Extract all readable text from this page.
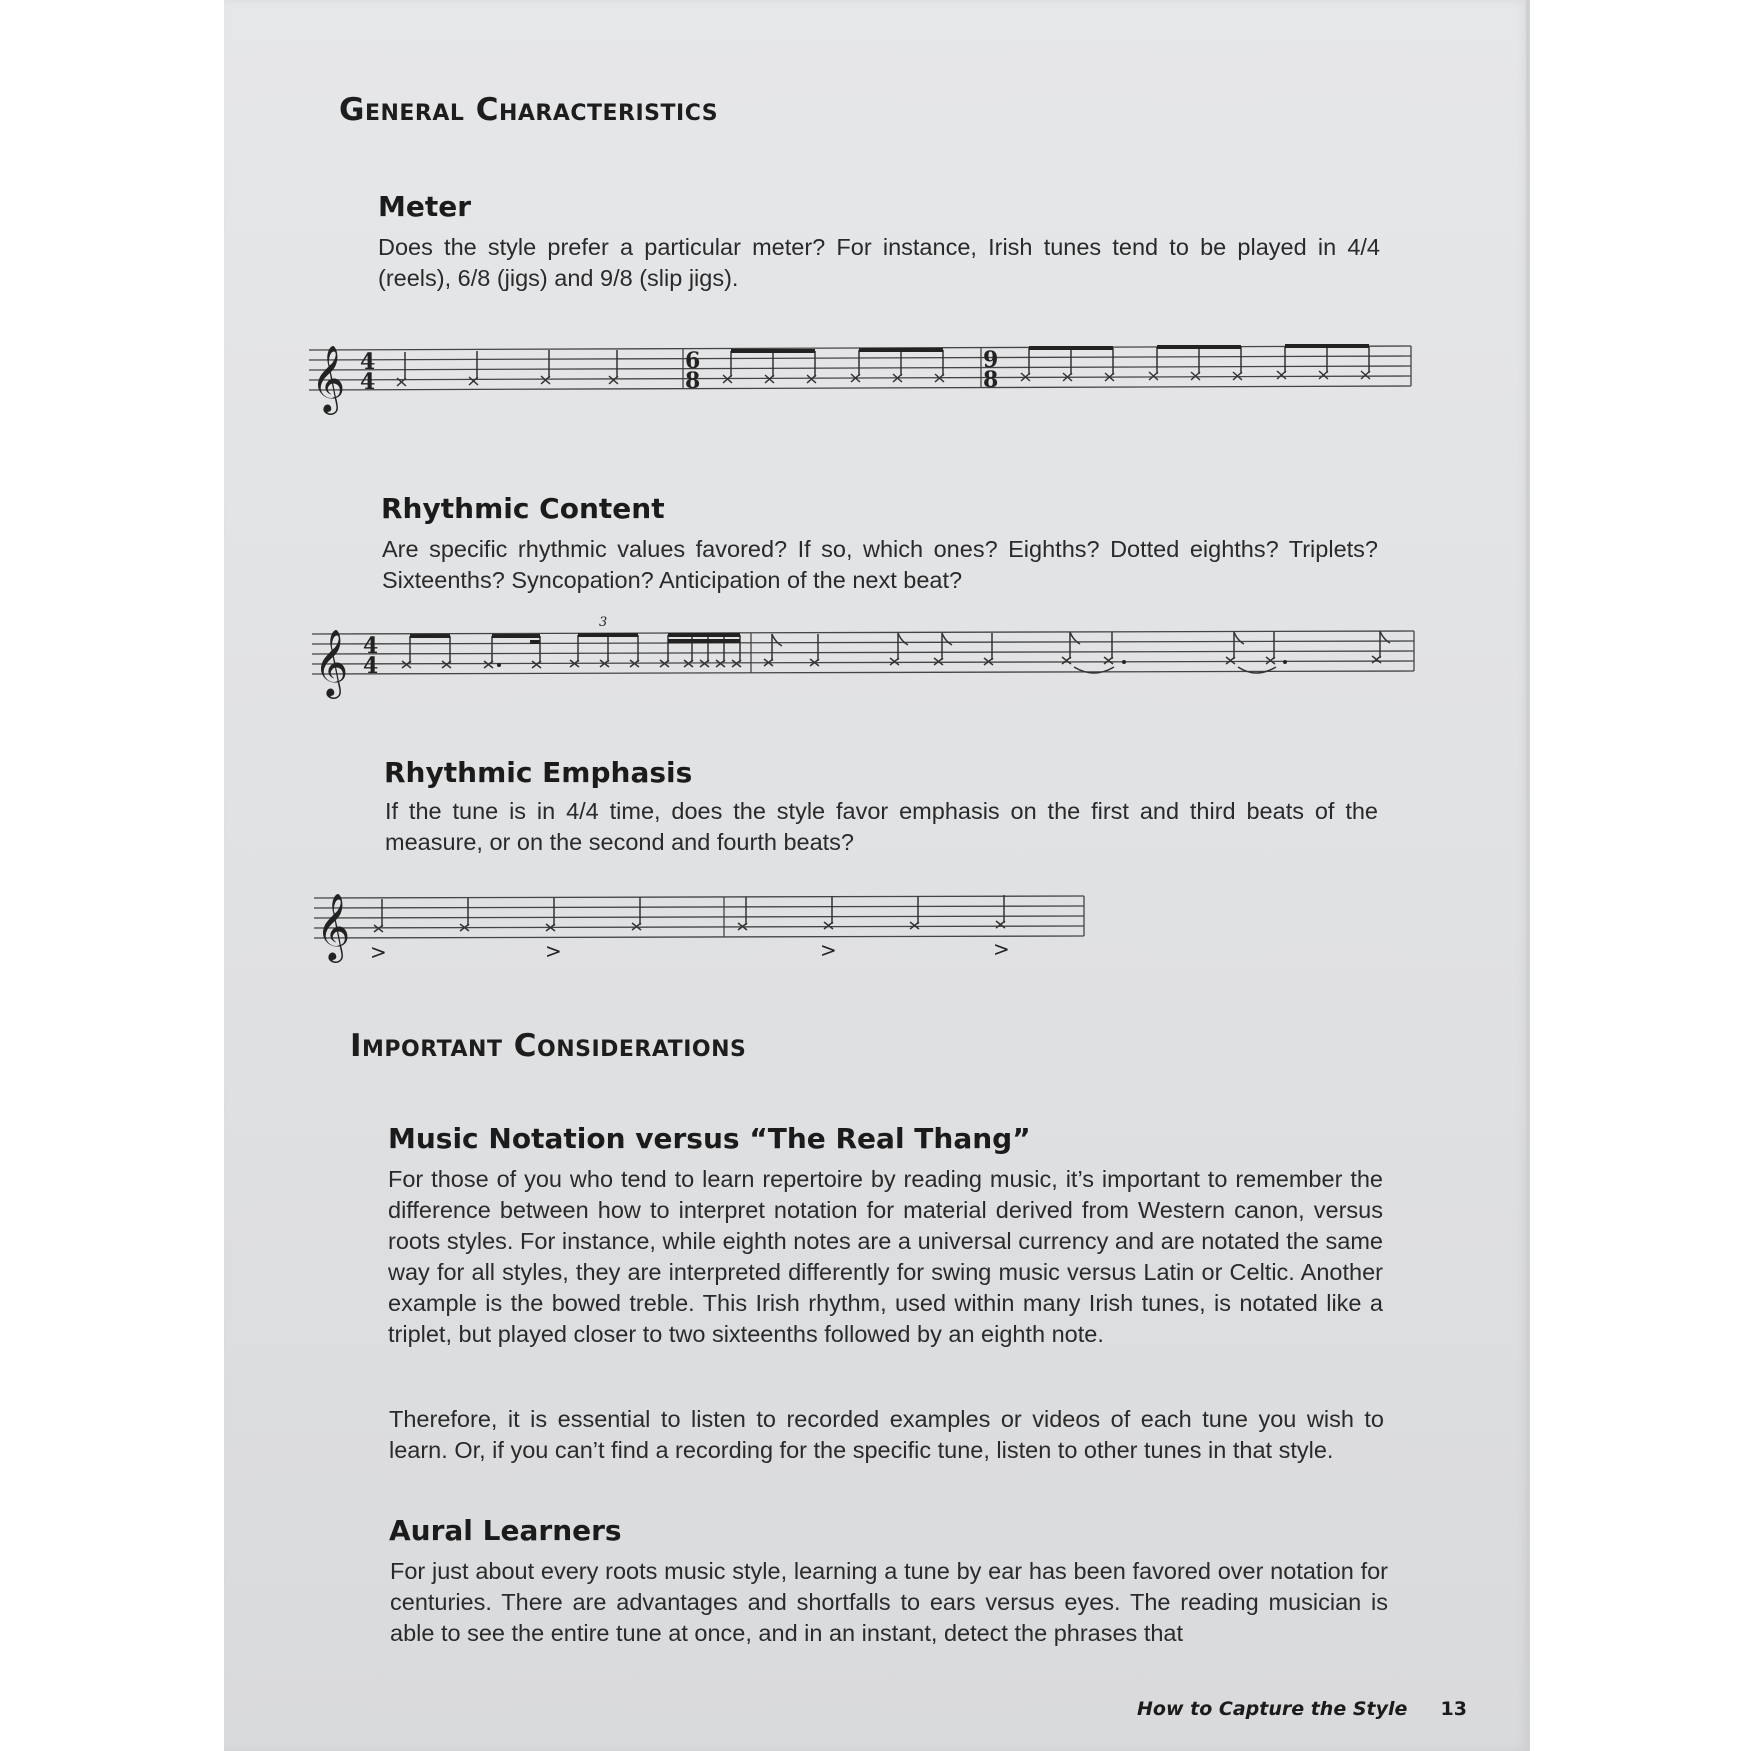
General Characteristics
Meter

Does the style prefer a particular meter? For instance, Irish tunes tend to be played in 4/4 (reels), 6/8 (jigs) and 9/8 (slip jigs).

𝄞 4
4
6
8
9
8
Rhythmic Content

Are specific rhythmic values favored? If so, which ones? Eighths? Dotted eighths? Triplets? Sixteenths? Syncopation? Anticipation of the next beat?

𝄞 4
4
3
Rhythmic Emphasis

If the tune is in 4/4 time, does the style favor emphasis on the first and third beats of the measure, or on the second and fourth beats?

𝄞 >	>	>	>
Important Considerations
Music Notation versus “The Real Thang”

For those of you who tend to learn repertoire by reading music, it’s important to remember the difference between how to interpret notation for material derived from Western canon, versus roots styles. For instance, while eighth notes are a universal currency and are notated the same way for all styles, they are interpreted differently for swing music versus Latin or Celtic. Another example is the bowed treble. This Irish rhythm, used within many Irish tunes, is notated like a triplet, but played closer to two sixteenths followed by an eighth note.

Therefore, it is essential to listen to recorded examples or videos of each tune you wish to learn. Or, if you can’t find a recording for the specific tune, listen to other tunes in that style.

Aural Learners

For just about every roots music style, learning a tune by ear has been favored over notation for centuries. There are advantages and shortfalls to ears versus eyes. The reading musician is able to see the entire tune at once, and in an instant, detect the phrases that

How to Capture the Style 13
